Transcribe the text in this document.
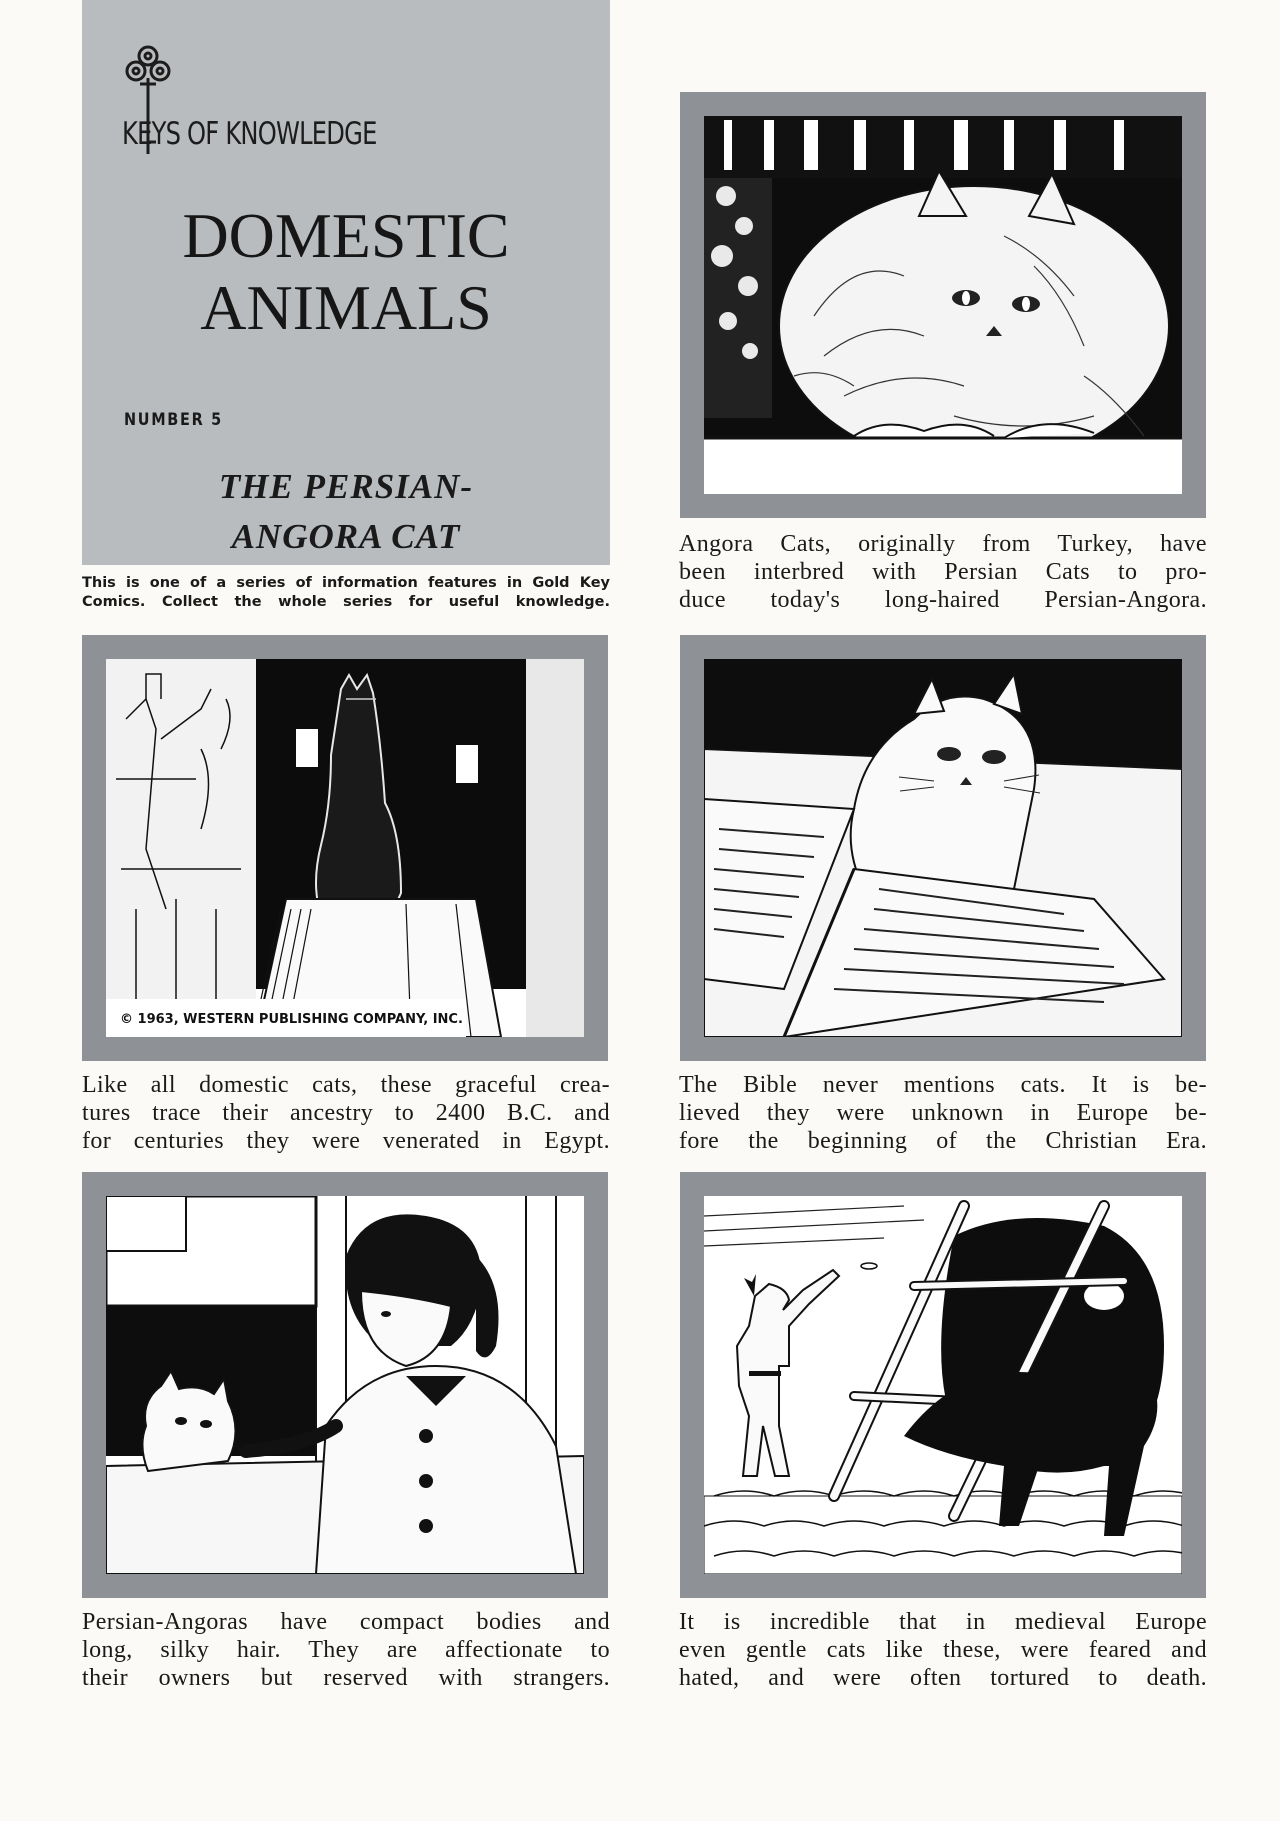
KEYS OF KNOWLEDGE
DOMESTIC
ANIMALS
NUMBER 5
THE PERSIAN-
ANGORA CAT
This is one of a series of information features in Gold Key
Comics. Collect the whole series for useful knowledge.
Angora Cats, originally from Turkey, have
been interbred with Persian Cats to pro-
duce today's long-haired Persian-Angora.
© 1963, WESTERN PUBLISHING COMPANY, INC.
Like all domestic cats, these graceful crea-
tures trace their ancestry to 2400 B.C. and
for centuries they were venerated in Egypt.
The Bible never mentions cats. It is be-
lieved they were unknown in Europe be-
fore the beginning of the Christian Era.
Persian-Angoras have compact bodies and
long, silky hair. They are affectionate to
their owners but reserved with strangers.
It is incredible that in medieval Europe
even gentle cats like these, were feared and
hated, and were often tortured to death.
